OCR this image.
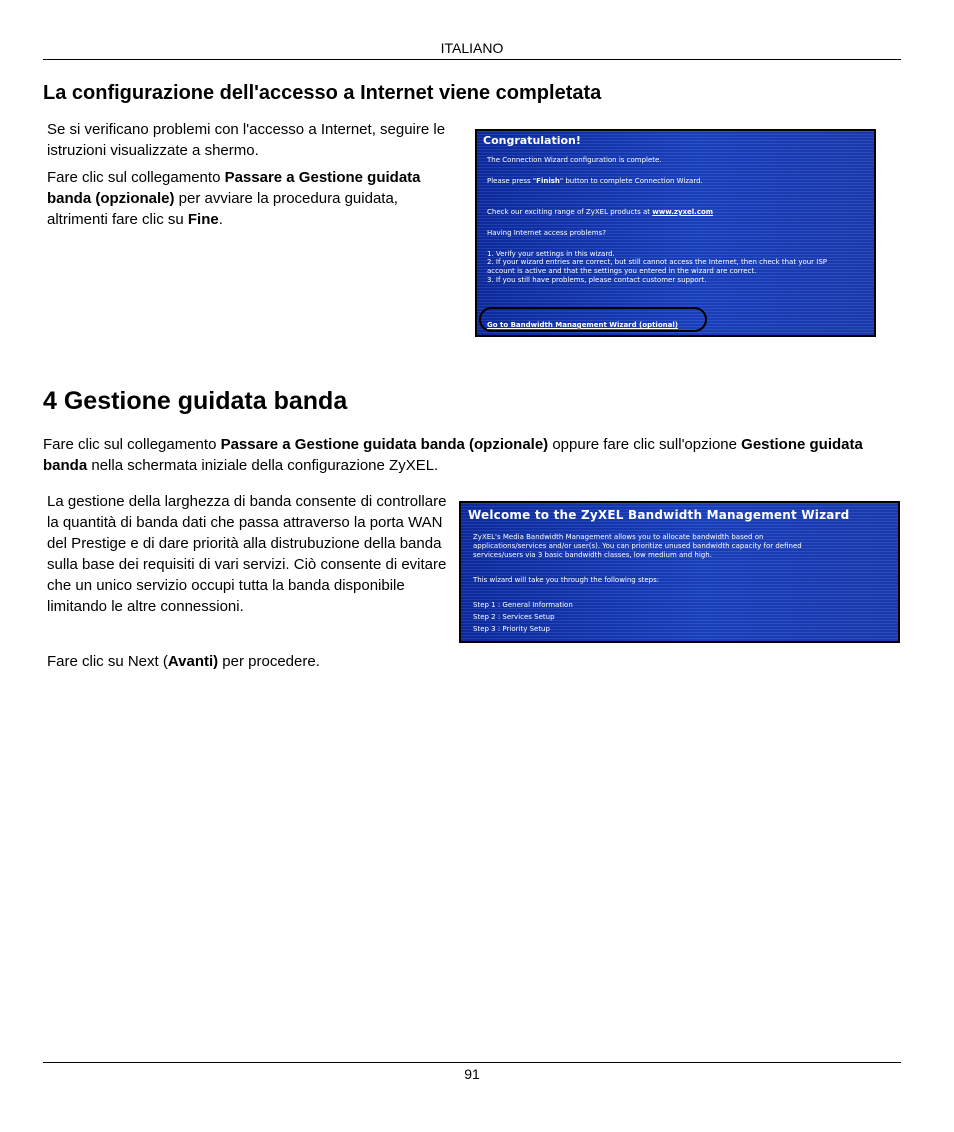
ITALIANO
La configurazione dell'accesso a Internet viene completata

Se si verificano problemi con l'accesso a Internet, seguire le istruzioni visualizzate a shermo.

Fare clic sul collegamento Passare a Gestione guidata banda (opzionale) per avviare la procedura guidata, altrimenti fare clic su Fine.

Congratulation!
The Connection Wizard configuration is complete.
Please press "Finish" button to complete Connection Wizard.
Check our exciting range of ZyXEL products at www.zyxel.com
Having Internet access problems?
1. Verify your settings in this wizard.
2. If your wizard entries are correct, but still cannot access the Internet, then check that your ISP
account is active and that the settings you entered in the wizard are correct.
3. If you still have problems, please contact customer support.
Go to Bandwidth Management Wizard (optional)
4 Gestione guidata banda

Fare clic sul collegamento Passare a Gestione guidata banda (opzionale) oppure fare clic sull'opzione Gestione guidata banda nella schermata iniziale della configurazione ZyXEL.

La gestione della larghezza di banda consente di controllare la quantità di banda dati che passa attraverso la porta WAN del Prestige e di dare priorità alla distrubuzione della banda sulla base dei requisiti di vari servizi. Ciò consente di evitare che un unico servizio occupi tutta la banda disponibile limitando le altre connessioni.

Fare clic su Next (Avanti) per procedere.

Welcome to the ZyXEL Bandwidth Management Wizard
ZyXEL's Media Bandwidth Management allows you to allocate bandwidth based on
applications/services and/or user(s). You can prioritize unused bandwidth capacity for defined
services/users via 3 basic bandwidth classes, low medium and high.
This wizard will take you through the following steps:
Step 1 : General Information
Step 2 : Services Setup
Step 3 : Priority Setup
91
